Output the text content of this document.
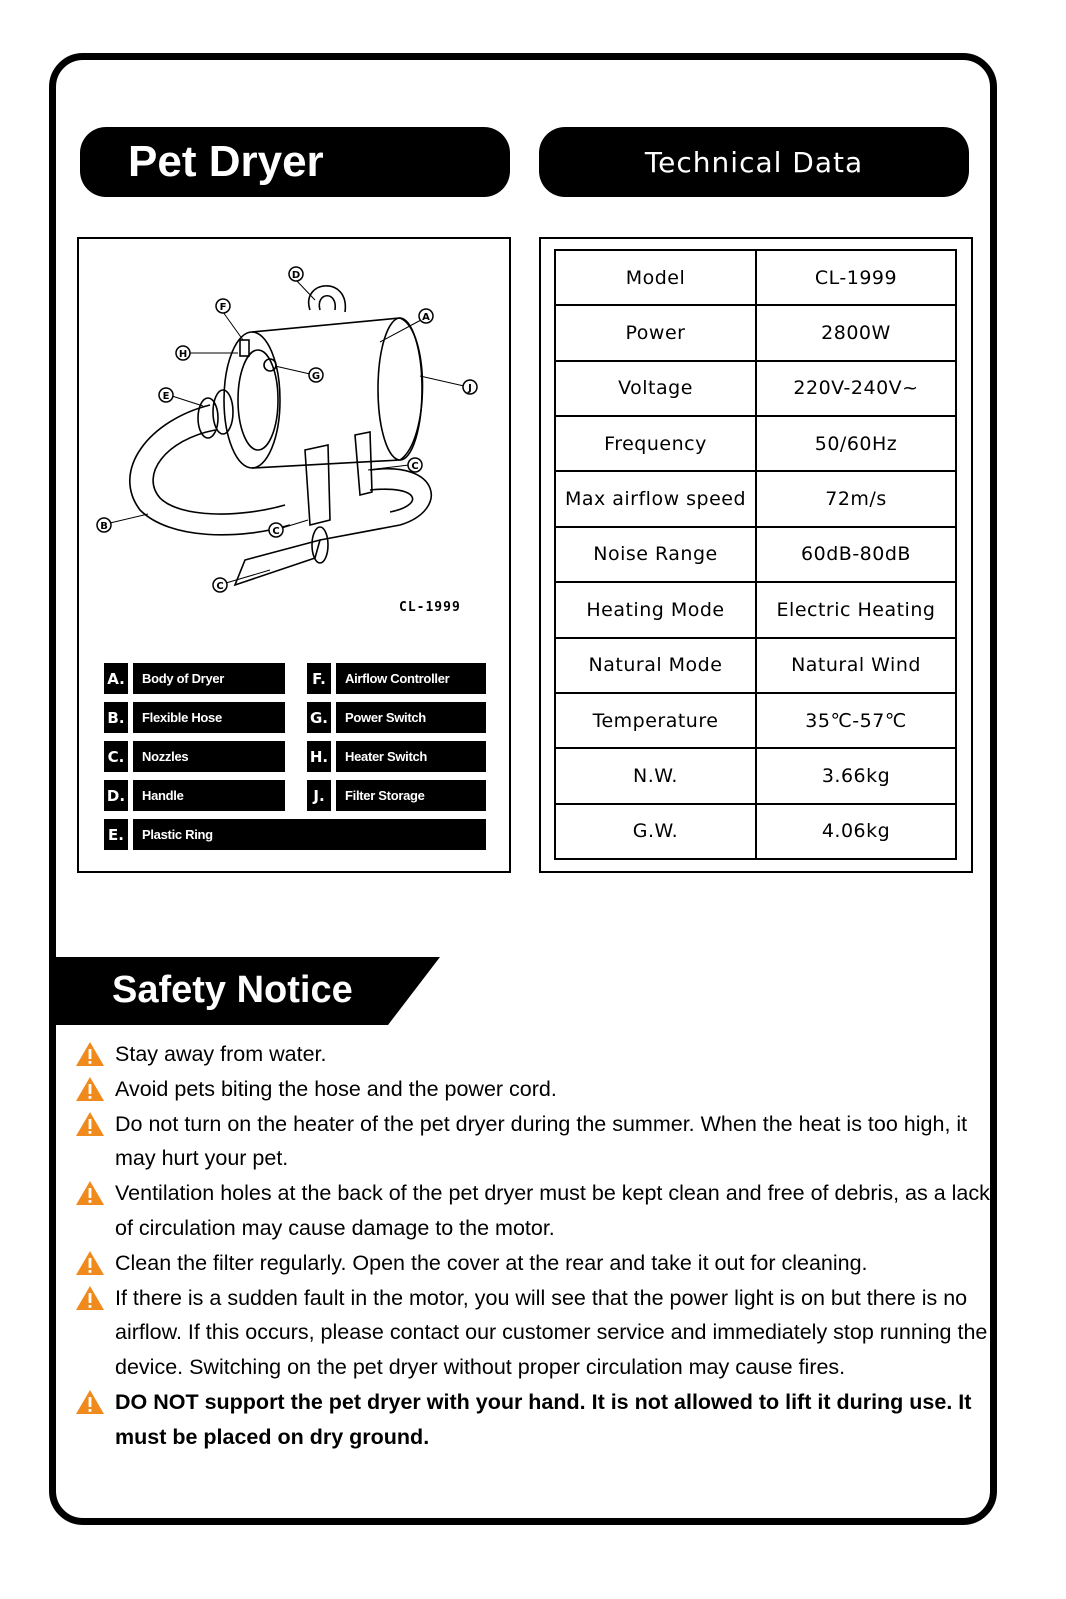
Pet Dryer	Technical Data
D
F
H
A
G
J
E
C
B	C
C
CL-1999
A.	Body of Dryer
B.	Flexible Hose
C.	Nozzles
D.	Handle
E.	Plastic Ring
F.	Airflow Controller
G.	Power Switch
H.	Heater Switch
J.	Filter Storage
Model	CL-1999
Power	2800W
Voltage	220V-240V~
Frequency	50/60Hz
Max airflow speed	72m/s
Noise Range	60dB-80dB
Heating Mode	Electric Heating
Natural Mode	Natural Wind
Temperature	35℃-57℃
N.W.	3.66kg
G.W.	4.06kg
Safety Notice
Stay away from water.
Avoid pets biting the hose and the power cord.
Do not turn on the heater of the pet dryer during the summer. When the heat is too high, it may hurt your pet.
Ventilation holes at the back of the pet dryer must be kept clean and free of debris, as a lack of circulation may cause damage to the motor.
Clean the filter regularly. Open the cover at the rear and take it out for cleaning.
If there is a sudden fault in the motor, you will see that the power light is on but there is no airflow. If this occurs, please contact our customer service and immediately stop running the device. Switching on the pet dryer without proper circulation may cause fires.
DO NOT support the pet dryer with your hand. It is not allowed to lift it during use. It must be placed on dry ground.
